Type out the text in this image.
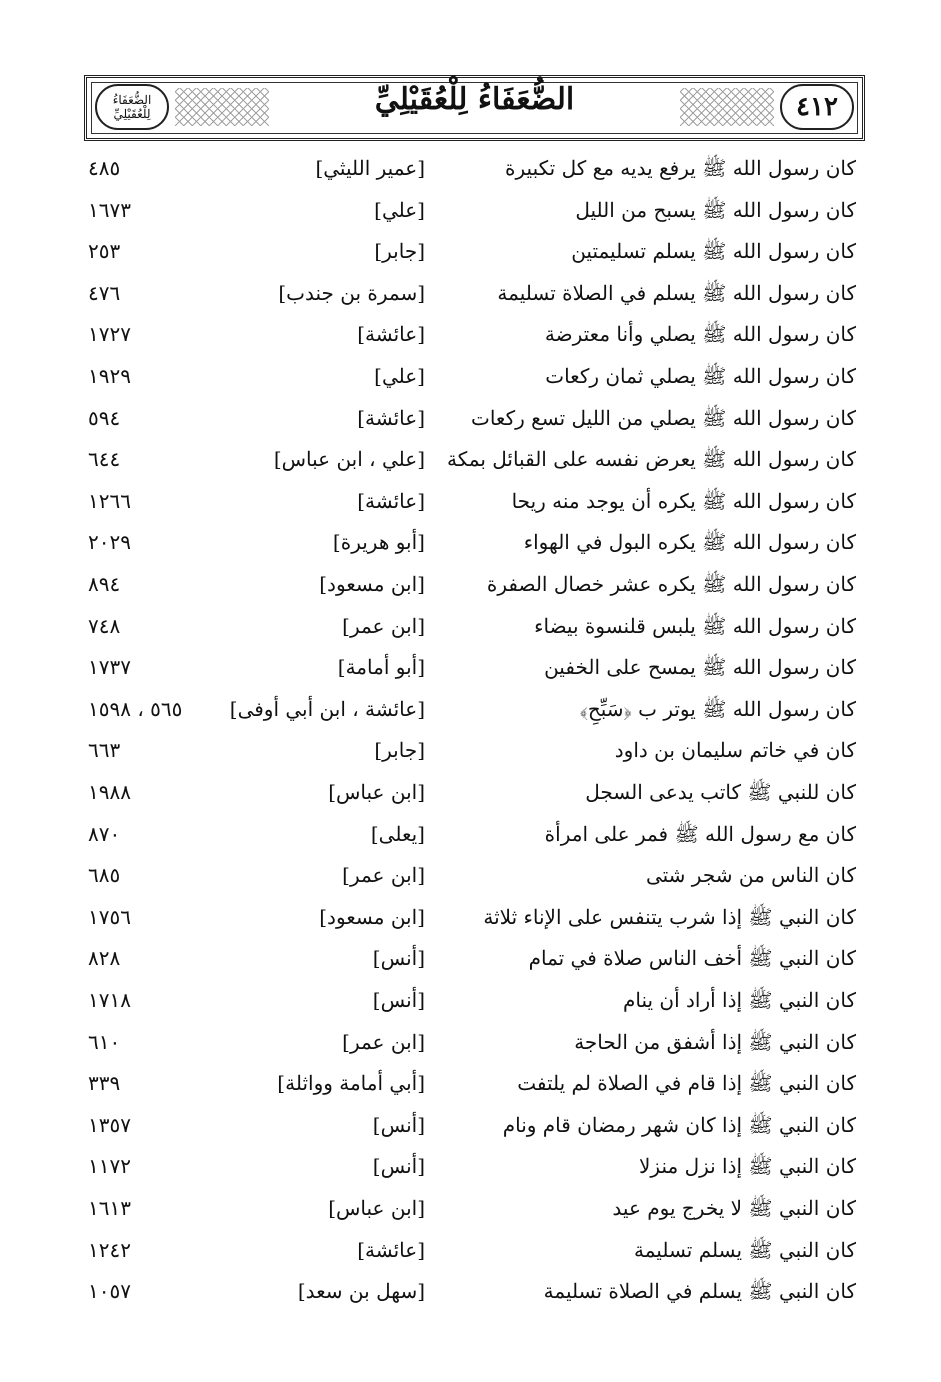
الضُّعَفَاءُ
لِلْعُقَيْلِيِّ	الضُّعَفَاءُ لِلْعُقَيْلِيِّ	٤١٢
كان رسول الله ﷺ يرفع يديه مع كل تكبيرة
[عمير الليثي]
٤٨٥
كان رسول الله ﷺ يسبح من الليل
[علي]
١٦٧٣
كان رسول الله ﷺ يسلم تسليمتين
[جابر]
٢٥٣
كان رسول الله ﷺ يسلم في الصلاة تسليمة
[سمرة بن جندب]
٤٧٦
كان رسول الله ﷺ يصلي وأنا معترضة
[عائشة]
١٧٢٧
كان رسول الله ﷺ يصلي ثمان ركعات
[علي]
١٩٢٩
كان رسول الله ﷺ يصلي من الليل تسع ركعات
[عائشة]
٥٩٤
كان رسول الله ﷺ يعرض نفسه على القبائل بمكة
[علي ، ابن عباس]
٦٤٤
كان رسول الله ﷺ يكره أن يوجد منه ريحا
[عائشة]
١٢٦٦
كان رسول الله ﷺ يكره البول في الهواء
[أبو هريرة]
٢٠٢٩
كان رسول الله ﷺ يكره عشر خصال الصفرة
[ابن مسعود]
٨٩٤
كان رسول الله ﷺ يلبس قلنسوة بيضاء
[ابن عمر]
٧٤٨
كان رسول الله ﷺ يمسح على الخفين
[أبو أمامة]
١٧٣٧
كان رسول الله ﷺ يوتر ب ﴿سَبِّحِ﴾
[عائشة ، ابن أبي أوفى]
٥٦٥ ، ١٥٩٨
كان في خاتم سليمان بن داود
[جابر]
٦٦٣
كان للنبي ﷺ كاتب يدعى السجل
[ابن عباس]
١٩٨٨
كان مع رسول الله ﷺ فمر على امرأة
[يعلى]
٨٧٠
كان الناس من شجر شتى
[ابن عمر]
٦٨٥
كان النبي ﷺ إذا شرب يتنفس على الإناء ثلاثة
[ابن مسعود]
١٧٥٦
كان النبي ﷺ أخف الناس صلاة في تمام
[أنس]
٨٢٨
كان النبي ﷺ إذا أراد أن ينام
[أنس]
١٧١٨
كان النبي ﷺ إذا أشفق من الحاجة
[ابن عمر]
٦١٠
كان النبي ﷺ إذا قام في الصلاة لم يلتفت
[أبي أمامة وواثلة]
٣٣٩
كان النبي ﷺ إذا كان شهر رمضان قام ونام
[أنس]
١٣٥٧
كان النبي ﷺ إذا نزل منزلا
[أنس]
١١٧٢
كان النبي ﷺ لا يخرج يوم عيد
[ابن عباس]
١٦١٣
كان النبي ﷺ يسلم تسليمة
[عائشة]
١٢٤٢
كان النبي ﷺ يسلم في الصلاة تسليمة
[سهل بن سعد]
١٠٥٧
